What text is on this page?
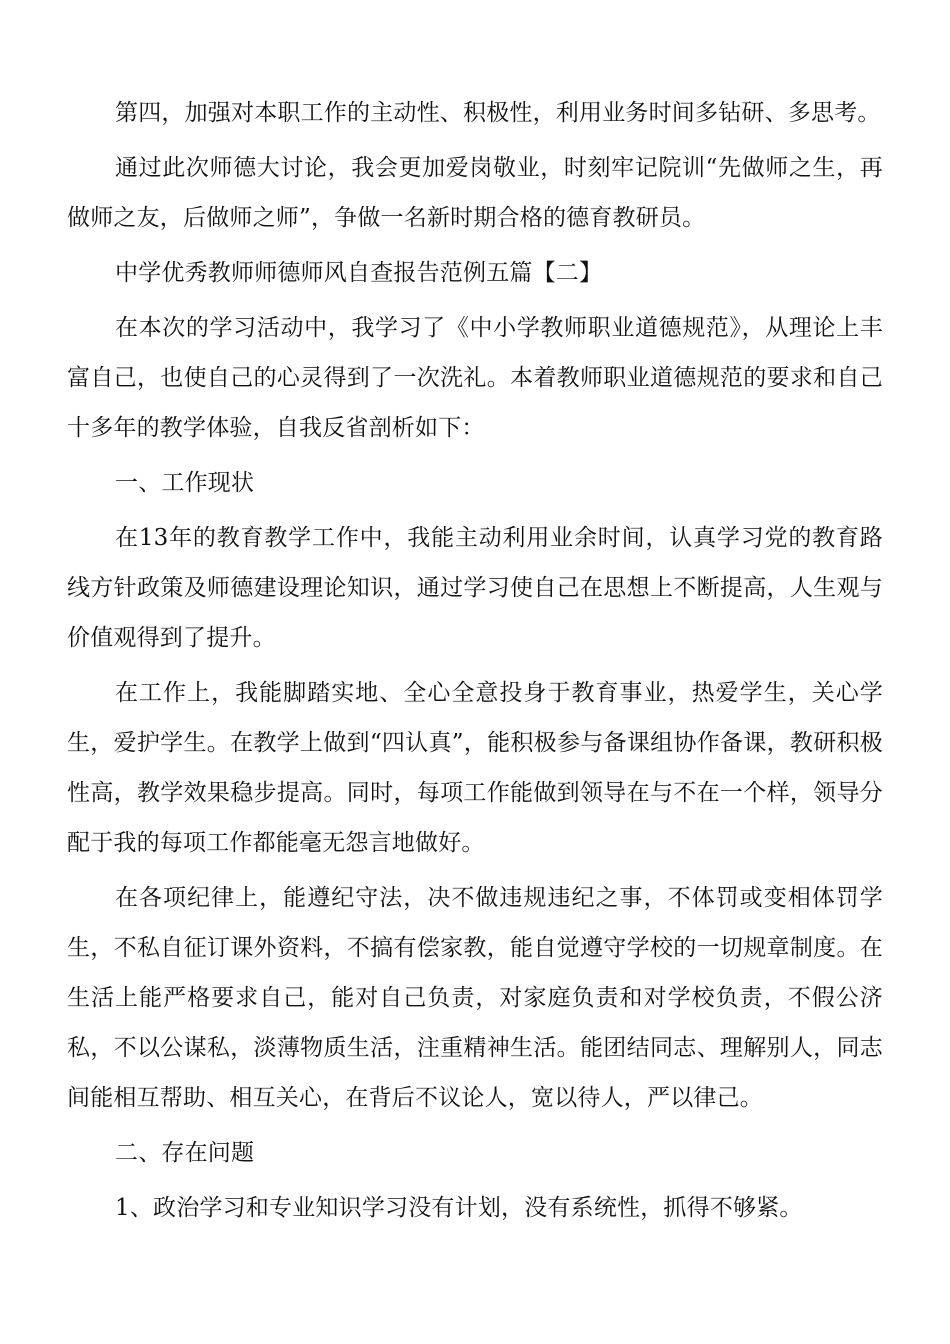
第四，加强对本职工作的主动性、积极性，利用业务时间多钻研、多思考。

通过此次师德大讨论，我会更加爱岗敬业，时刻牢记院训“先做师之生，再做师之友，后做师之师”，争做一名新时期合格的德育教研员。

中学优秀教师师德师风自查报告范例五篇【二】

在本次的学习活动中，我学习了《中小学教师职业道德规范》，从理论上丰富自己，也使自己的心灵得到了一次洗礼。本着教师职业道德规范的要求和自己十多年的教学体验，自我反省剖析如下：

一、工作现状

在13年的教育教学工作中，我能主动利用业余时间，认真学习党的教育路线方针政策及师德建设理论知识，通过学习使自己在思想上不断提高，人生观与价值观得到了提升。

在工作上，我能脚踏实地、全心全意投身于教育事业，热爱学生，关心学生，爱护学生。在教学上做到“四认真”，能积极参与备课组协作备课，教研积极性高，教学效果稳步提高。同时，每项工作能做到领导在与不在一个样，领导分配于我的每项工作都能毫无怨言地做好。

在各项纪律上，能遵纪守法，决不做违规违纪之事，不体罚或变相体罚学生，不私自征订课外资料，不搞有偿家教，能自觉遵守学校的一切规章制度。在生活上能严格要求自己，能对自己负责，对家庭负责和对学校负责，不假公济私，不以公谋私，淡薄物质生活，注重精神生活。能团结同志、理解别人，同志间能相互帮助、相互关心，在背后不议论人，宽以待人，严以律己。

二、存在问题

1、政治学习和专业知识学习没有计划，没有系统性，抓得不够紧。
